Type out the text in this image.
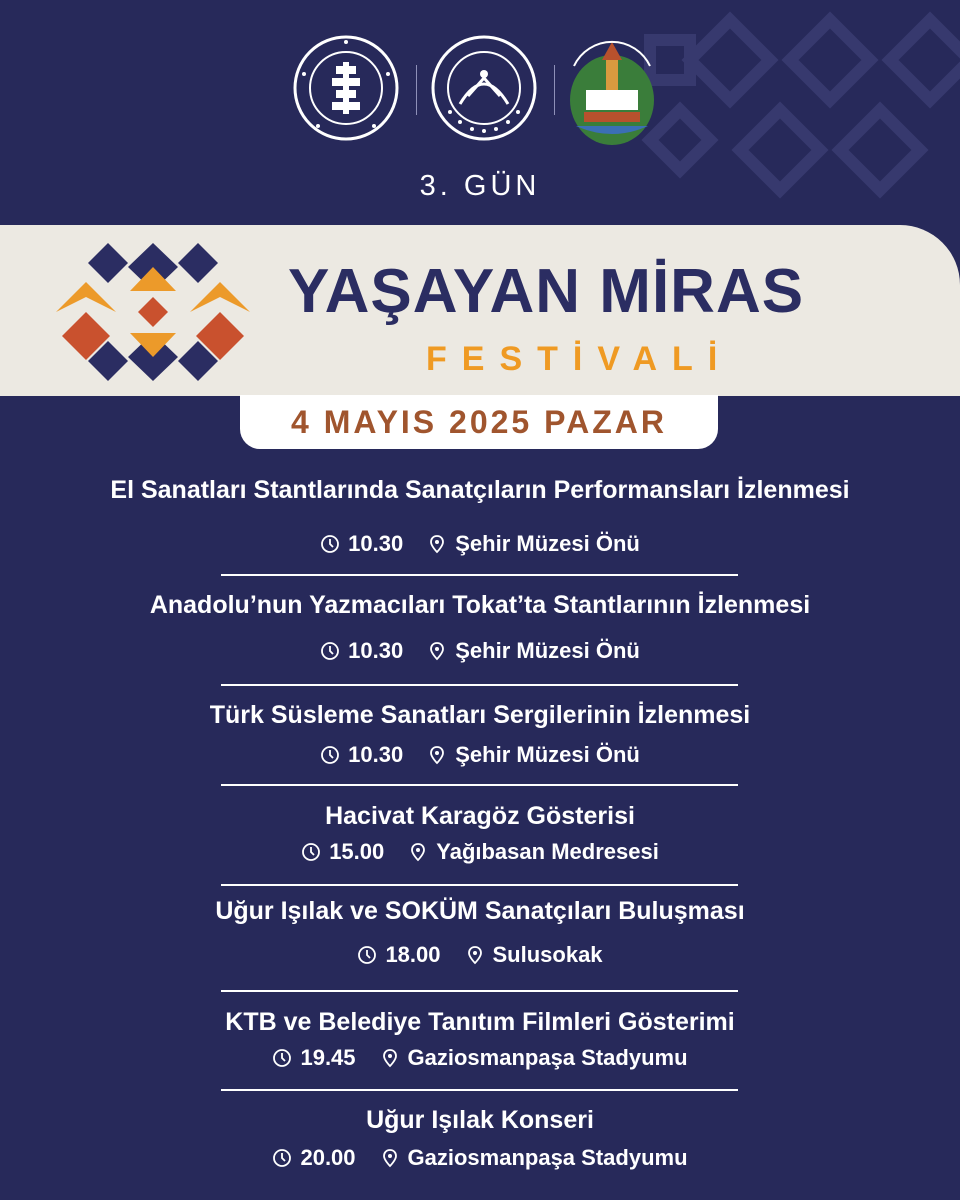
3. GÜN
YAŞAYAN MİRAS
FESTİVALİ
4 MAYIS 2025 PAZAR
El Sanatları Stantlarında Sanatçıların Performansları İzlenmesi
10.30 Şehir Müzesi Önü
Anadolu’nun Yazmacıları Tokat’ta Stantlarının İzlenmesi
10.30 Şehir Müzesi Önü
Türk Süsleme Sanatları Sergilerinin İzlenmesi
10.30 Şehir Müzesi Önü
Hacivat Karagöz Gösterisi
15.00 Yağıbasan Medresesi
Uğur Işılak ve SOKÜM Sanatçıları Buluşması
18.00 Sulusokak
KTB ve Belediye Tanıtım Filmleri Gösterimi
19.45 Gaziosmanpaşa Stadyumu
Uğur Işılak Konseri
20.00 Gaziosmanpaşa Stadyumu
